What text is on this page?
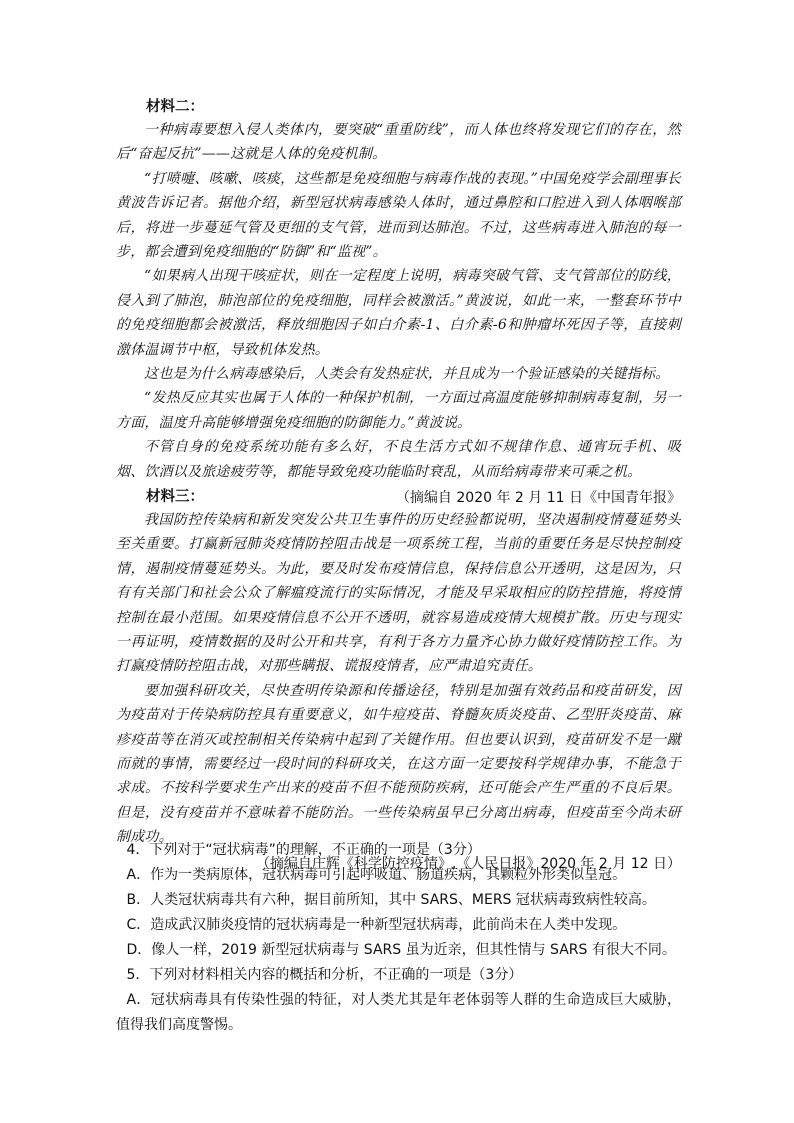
材料二：

一种病毒要想入侵人类体内，要突破“重重防线”，而人体也终将发现它们的存在，然后“奋起反抗”——这就是人体的免疫机制。

“打喷嚏、咳嗽、咳痰，这些都是免疫细胞与病毒作战的表现。”中国免疫学会副理事长黄波告诉记者。据他介绍，新型冠状病毒感染人体时，通过鼻腔和口腔进入到人体咽喉部后，将进一步蔓延气管及更细的支气管，进而到达肺泡。不过，这些病毒进入肺泡的每一步，都会遭到免疫细胞的“防御”和“监视”。

“如果病人出现干咳症状，则在一定程度上说明，病毒突破气管、支气管部位的防线，侵入到了肺泡，肺泡部位的免疫细胞，同样会被激活。”黄波说，如此一来，一整套环节中的免疫细胞都会被激活，释放细胞因子如白介素-1、白介素-6和肿瘤坏死因子等，直接刺激体温调节中枢，导致机体发热。

这也是为什么病毒感染后，人类会有发热症状，并且成为一个验证感染的关键指标。

“发热反应其实也属于人体的一种保护机制，一方面过高温度能够抑制病毒复制，另一方面，温度升高能够增强免疫细胞的防御能力。”黄波说。

不管自身的免疫系统功能有多么好，不良生活方式如不规律作息、通宵玩手机、吸烟、饮酒以及旅途疲劳等，都能导致免疫功能临时衰乱，从而给病毒带来可乘之机。

（摘编自 2020 年 2 月 11 日《中国青年报》

材料三：

我国防控传染病和新发突发公共卫生事件的历史经验都说明，坚决遏制疫情蔓延势头至关重要。打赢新冠肺炎疫情防控阻击战是一项系统工程，当前的重要任务是尽快控制疫情，遏制疫情蔓延势头。为此，要及时发布疫情信息，保持信息公开透明，这是因为，只有有关部门和社会公众了解瘟疫流行的实际情况，才能及早采取相应的防控措施，将疫情控制在最小范围。如果疫情信息不公开不透明，就容易造成疫情大规模扩散。历史与现实一再证明，疫情数据的及时公开和共享，有利于各方力量齐心协力做好疫情防控工作。为打赢疫情防控阻击战，对那些瞒报、谎报疫情者，应严肃追究责任。

要加强科研攻关，尽快查明传染源和传播途径，特别是加强有效药品和疫苗研发，因为疫苗对于传染病防控具有重要意义，如牛痘疫苗、脊髓灰质炎疫苗、乙型肝炎疫苗、麻疹疫苗等在消灭或控制相关传染病中起到了关键作用。但也要认识到，疫苗研发不是一蹴而就的事情，需要经过一段时间的科研攻关，在这方面一定要按科学规律办事，不能急于求成。不按科学要求生产出来的疫苗不但不能预防疾病，还可能会产生严重的不良后果。但是，没有疫苗并不意味着不能防治。一些传染病虽早已分离出病毒，但疫苗至今尚未研制成功。

（摘编自庄辉《科学防控疫情》,《人民日报》2020 年 2 月 12 日）

4．下列对于“冠状病毒”的理解，不正确的一项是（3分）

A．作为一类病原体，冠状病毒可引起呼吸道、肠道疾病，其颗粒外形类似皇冠。

B．人类冠状病毒共有六种，据目前所知，其中 SARS、MERS 冠状病毒致病性较高。

C．造成武汉肺炎疫情的冠状病毒是一种新型冠状病毒，此前尚未在人类中发现。

D．像人一样，2019 新型冠状病毒与 SARS 虽为近亲，但其性情与 SARS 有很大不同。

5．下列对材料相关内容的概括和分析，不正确的一项是（3分）

A．冠状病毒具有传染性强的特征，对人类尤其是年老体弱等人群的生命造成巨大威胁，值得我们高度警惕。
